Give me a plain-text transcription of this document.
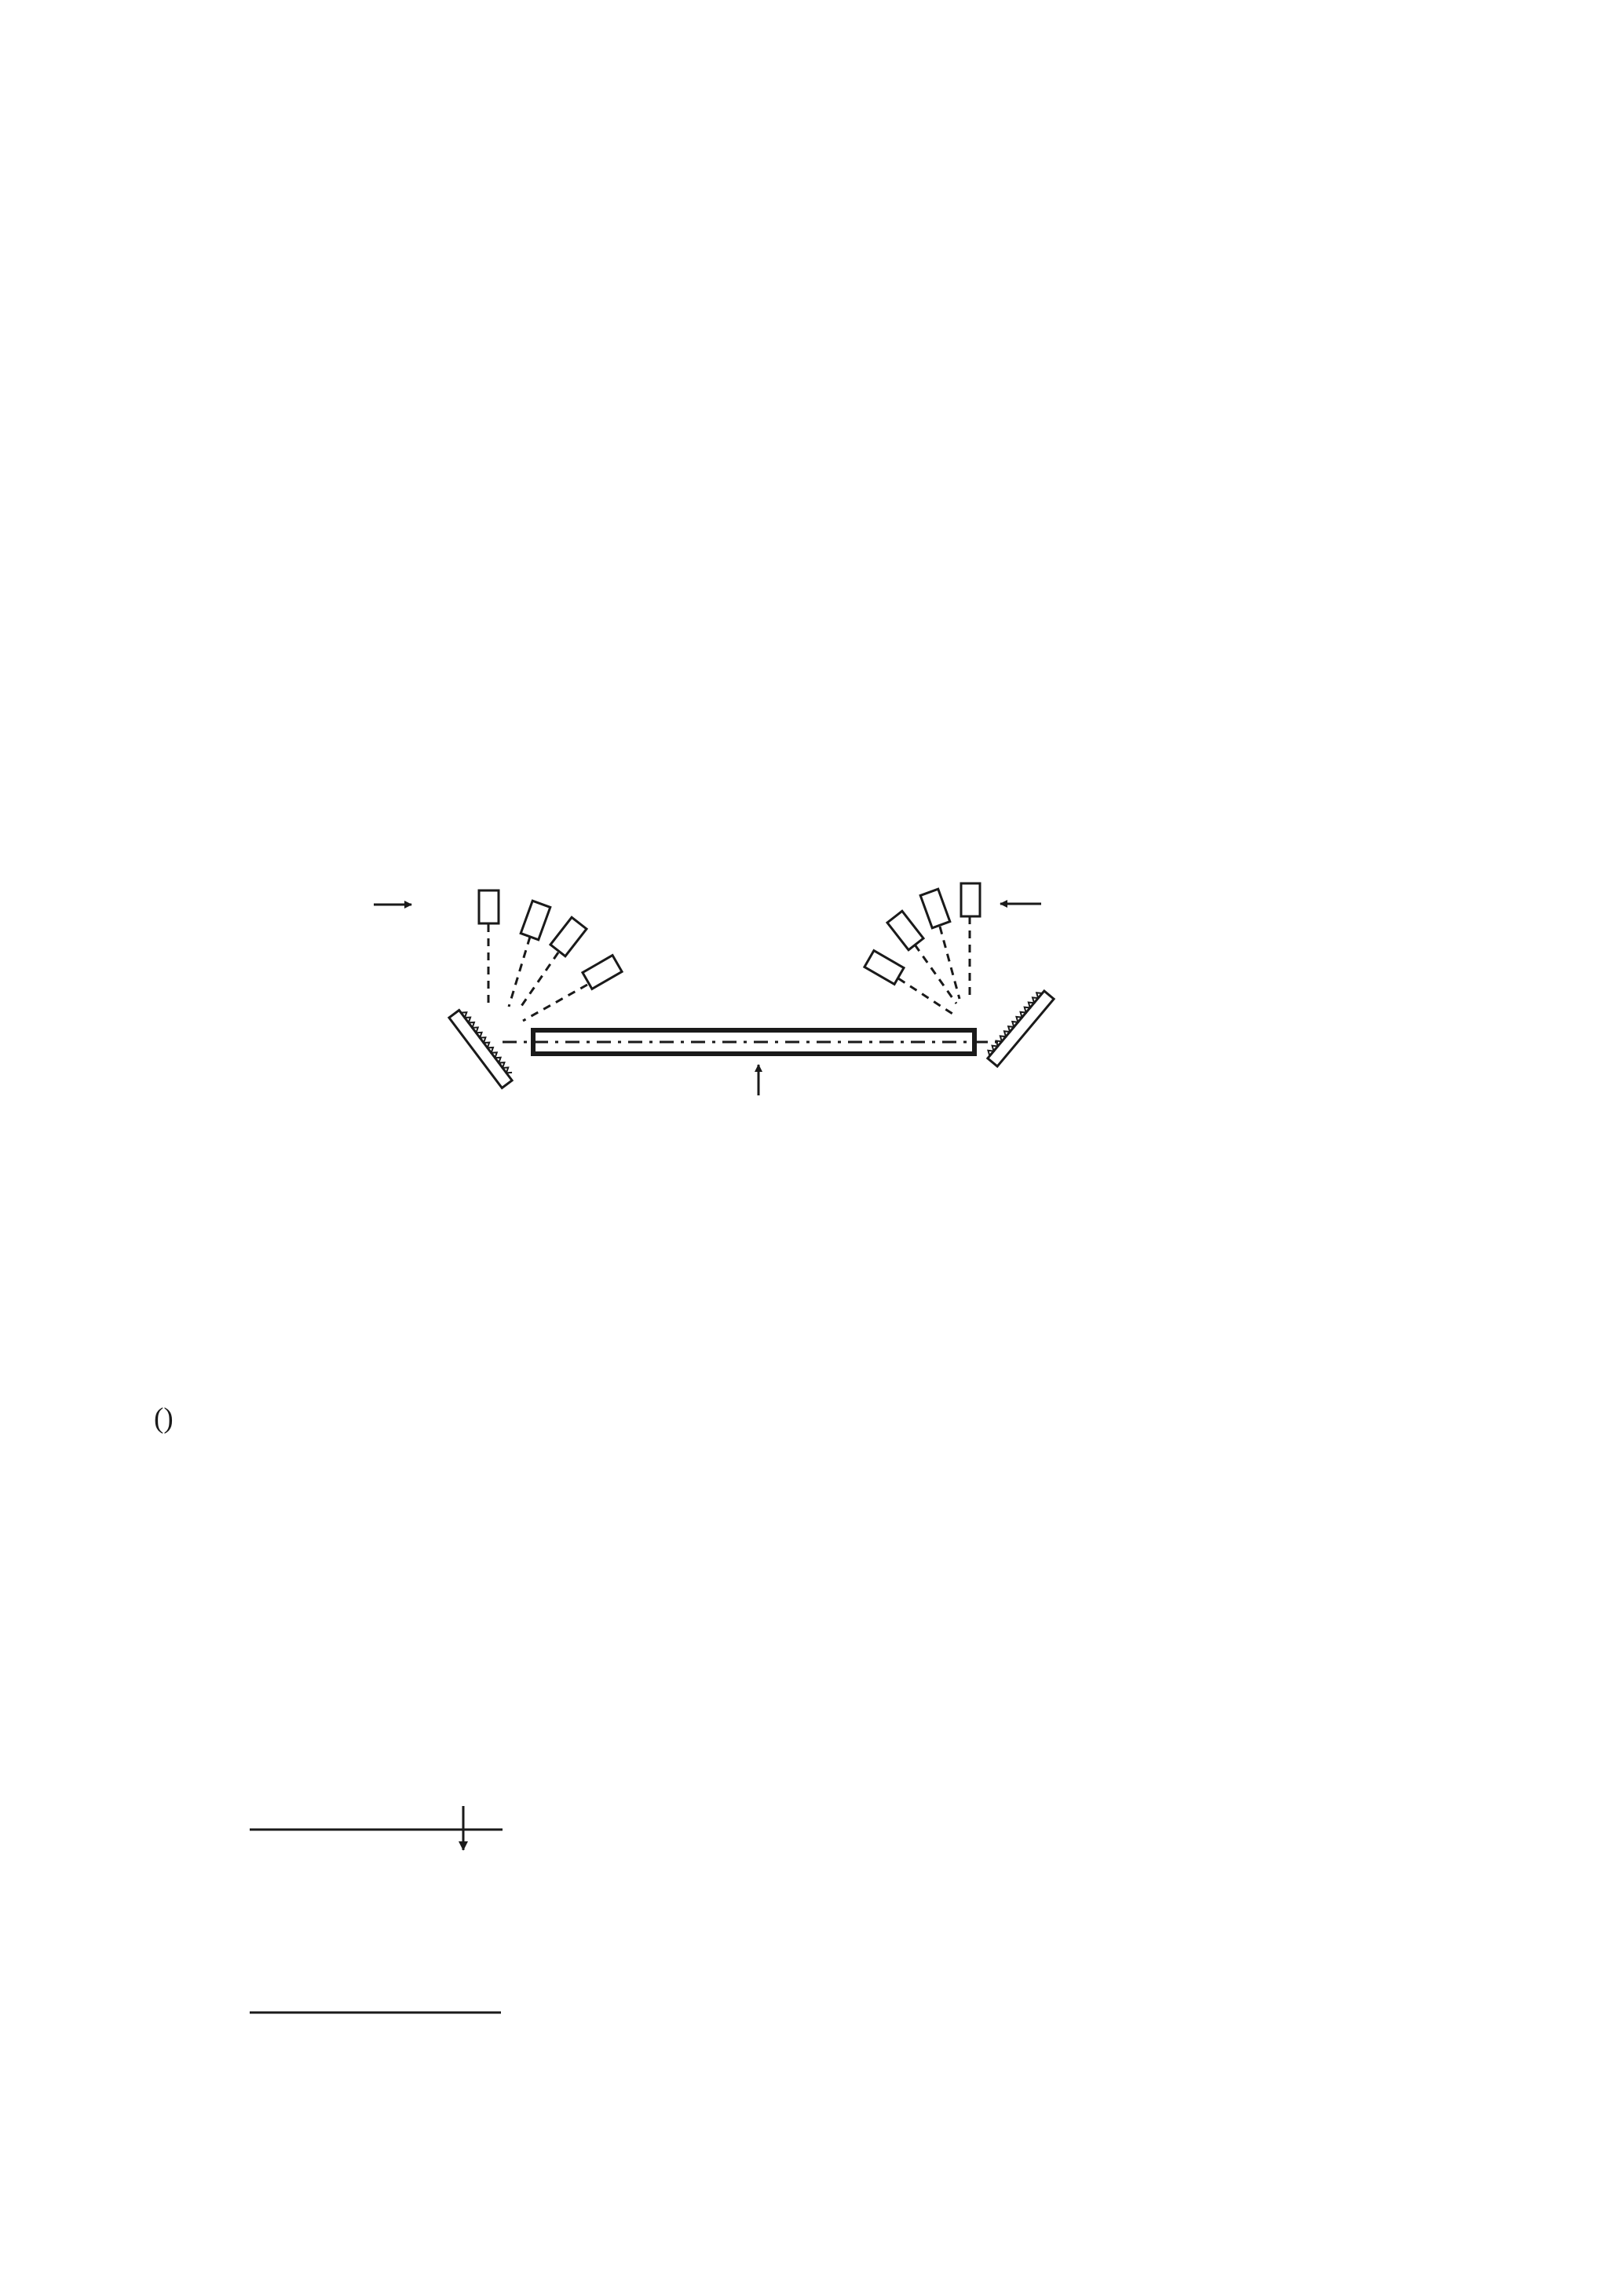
()
